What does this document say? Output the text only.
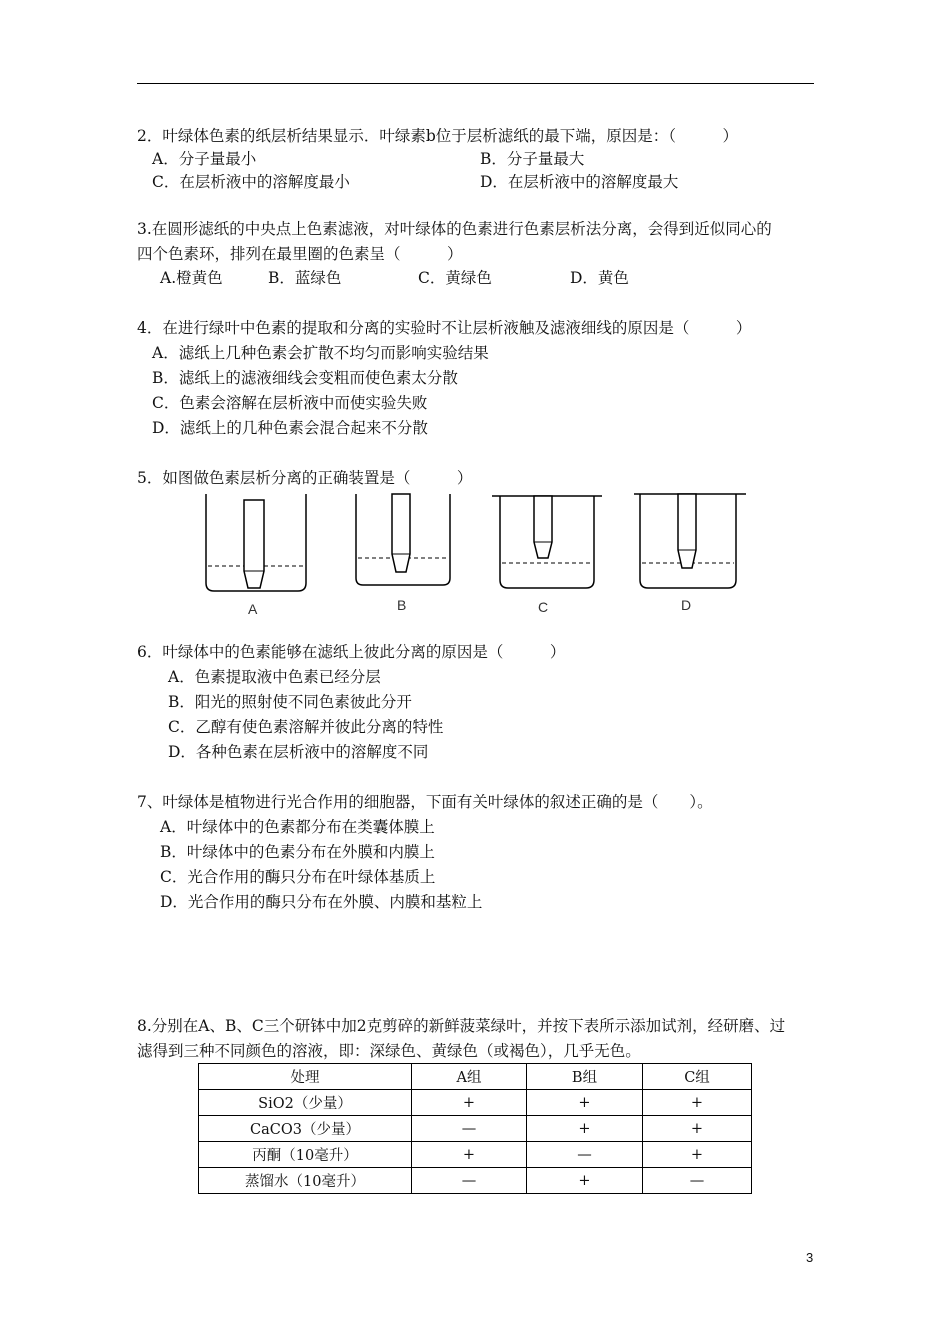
2．叶绿体色素的纸层析结果显示．叶绿素b位于层析滤纸的最下端，原因是：（　　　）
A．分子量最小	B．分子量最大
C．在层析液中的溶解度最小	D．在层析液中的溶解度最大
3.在圆形滤纸的中央点上色素滤液，对叶绿体的色素进行色素层析法分离，会得到近似同心的
四个色素环，排列在最里圈的色素呈（　　　）
A.橙黄色	B．蓝绿色	C．黄绿色	D．黄色
4．在进行绿叶中色素的提取和分离的实验时不让层析液触及滤液细线的原因是（　　　）
A．滤纸上几种色素会扩散不均匀而影响实验结果
B．滤纸上的滤液细线会变粗而使色素太分散
C．色素会溶解在层析液中而使实验失败
D．滤纸上的几种色素会混合起来不分散
5．如图做色素层析分离的正确装置是（　　　）
A	B	C	D
6．叶绿体中的色素能够在滤纸上彼此分离的原因是（　　　）
A．色素提取液中色素已经分层
B．阳光的照射使不同色素彼此分开
C．乙醇有使色素溶解并彼此分离的特性
D．各种色素在层析液中的溶解度不同
7、叶绿体是植物进行光合作用的细胞器，下面有关叶绿体的叙述正确的是（　　）。
A．叶绿体中的色素都分布在类囊体膜上
B．叶绿体中的色素分布在外膜和内膜上
C．光合作用的酶只分布在叶绿体基质上
D．光合作用的酶只分布在外膜、内膜和基粒上
8.分别在A、B、C三个研钵中加2克剪碎的新鲜菠菜绿叶，并按下表所示添加试剂，经研磨、过
滤得到三种不同颜色的溶液，即：深绿色、黄绿色（或褐色），几乎无色。
处理	A组	B组	C组
SiO2（少量）	+	+	+
CaCO3（少量）	—	+	+
丙酮（10毫升）	+	—	+
蒸馏水（10毫升）	—	+	—
3
